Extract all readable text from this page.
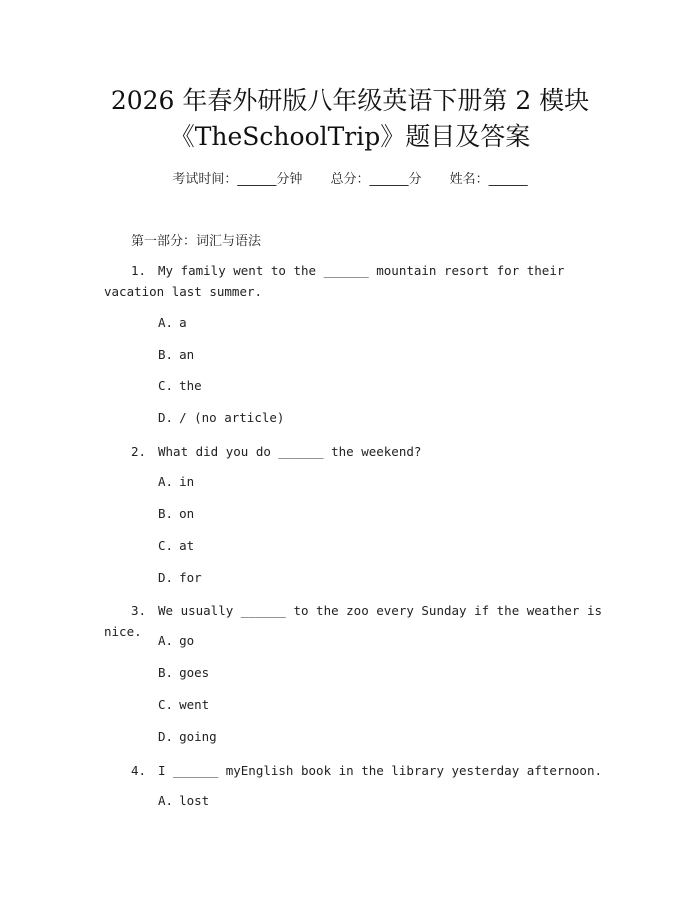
2026 年春外研版八年级英语下册第 2 模块
《TheSchoolTrip》题目及答案
考试时间：______分钟 总分：______分 姓名：______
第一部分：词汇与语法
1. My family went to the ______ mountain resort for their vacation last summer.
A. a
B. an
C. the
D. / (no article)
2. What did you do ______ the weekend?
A. in
B. on
C. at
D. for
3. We usually ______ to the zoo every Sunday if the weather is nice.
A. go
B. goes
C. went
D. going
4. I ______ myEnglish book in the library yesterday afternoon.
A. lost
